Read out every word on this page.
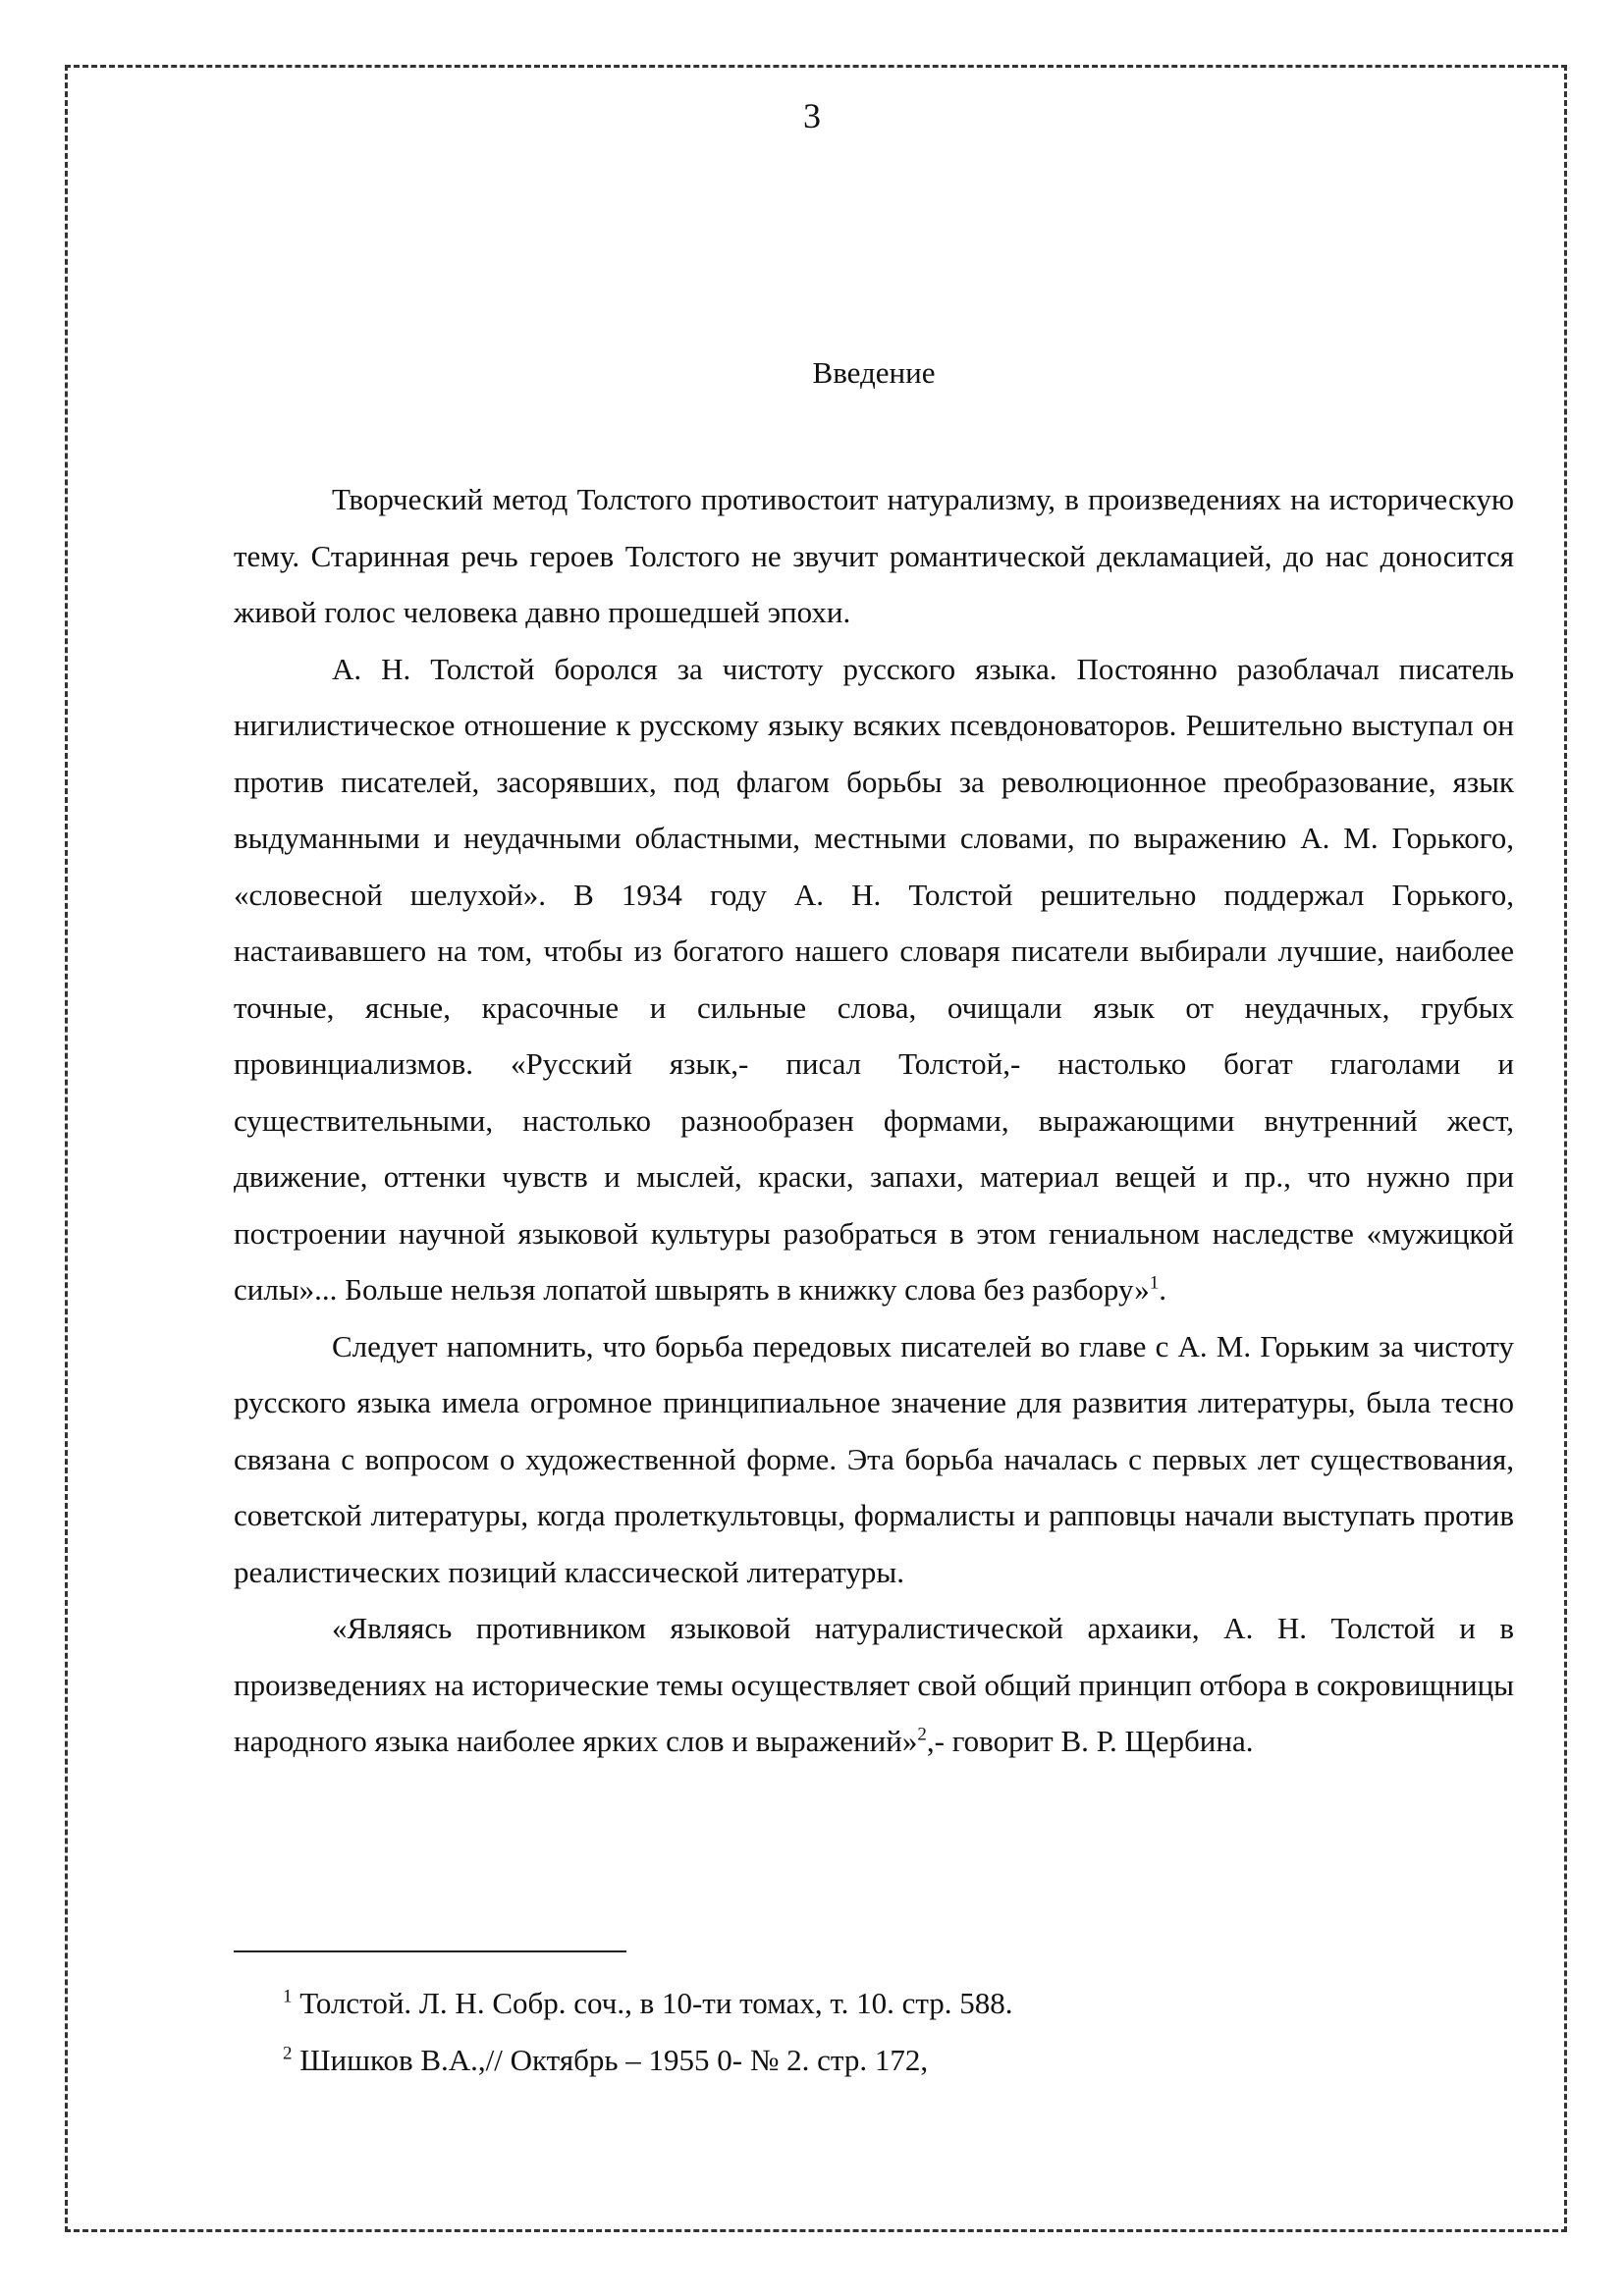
3
Введение

Творческий метод Толстого противостоит натурализму, в произведениях на историческую тему. Старинная речь героев Толстого не звучит романтической декламацией, до нас доносится живой голос человека давно прошедшей эпохи.

А. Н. Толстой боролся за чистоту русского языка. Постоянно разоблачал писатель нигилистическое отношение к русскому языку всяких псевдоноваторов. Решительно выступал он против писателей, засорявших, под флагом борьбы за революционное преобразование, язык выдуманными и неудачными областными, местными словами, по выражению А. М. Горького, «словесной шелухой». В 1934 году А. Н. Толстой решительно поддержал Горького, настаивавшего на том, чтобы из богатого нашего словаря писатели выбирали лучшие, наиболее точные, ясные, красочные и сильные слова, очищали язык от неудачных, грубых провинциализмов. «Русский язык,- писал Толстой,- настолько богат глаголами и существительными, настолько разнообразен формами, выражающими внутренний жест, движение, оттенки чувств и мыслей, краски, запахи, материал вещей и пр., что нужно при построении научной языковой культуры разобраться в этом гениальном наследстве «мужицкой силы»... Больше нельзя лопатой швырять в книжку слова без разбору»$^1$.

Следует напомнить, что борьба передовых писателей во главе с А. М. Горьким за чистоту русского языка имела огромное принципиальное значение для развития литературы, была тесно связана с вопросом о художественной форме. Эта борьба началась с первых лет существования, советской литературы, когда пролеткультовцы, формалисты и рапповцы начали выступать против реалистических позиций классической литературы.

«Являясь противником языковой натуралистической архаики, А. Н. Толстой и в произведениях на исторические темы осуществляет свой общий принцип отбора в сокровищницы народного языка наиболее ярких слов и выражений»$^2$,- говорит В. Р. Щербина.

$^1$ Толстой. Л. Н. Собр. соч., в 10-ти томах, т. 10. стр. 588.

$^2$ Шишков В.А.,// Октябрь – 1955 0- № 2. стр. 172,
